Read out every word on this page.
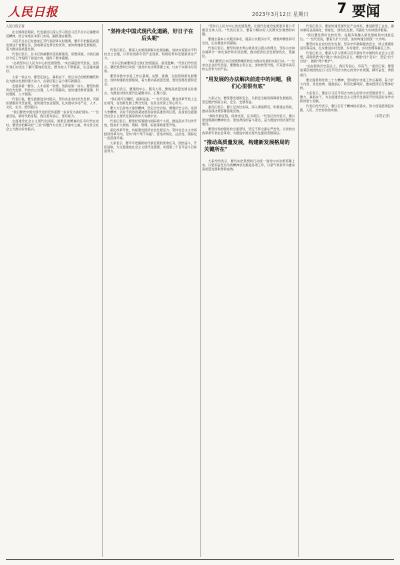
人民日报	2023年3月12日 星期日 7 要闻

人民日报记者

在全国两会期间，代表委员们深入学习领会习近平总书记重要讲话精神，结合本地区本部门实际，踊跃建言献策。

习近平总书记在参加江苏代表团审议时强调，要牢牢把握高质量发展这个首要任务，因地制宜发挥比较优势，加快构建新发展格局，着力推动高质量发展。

代表们表示，总书记的重要讲话高屋建瓴、思想深邃，为我们做好今后工作指明了前进方向、提供了根本遵循。

"必须坚持以人民为中心的发展思想。"来自基层的代表说，这些年我们村发生了翻天覆地的变化，群众收入不断提高，生活越来越好。

大家一致认为，要坚定信心、真抓实干，把总书记的殷殷嘱托转化为推动发展的强大动力，在新征程上奋力谱写新篇章。

发展是第一要务，人才是第一资源，创新是第一动力。要坚持教育优先发展、科技自立自强、人才引领驱动，加快建设教育强国、科技强国、人才强国。

代表们说，要全面推进乡村振兴，坚持农业农村优先发展，巩固拓展脱贫攻坚成果，加快建设农业强国，扎实推动乡村产业、人才、文化、生态、组织振兴。

"我们要把中国式现代化的宏伟蓝图一步步变为美好现实。"一位委员说，新时代新征程，我们更有信心、更有能力。

全面建设社会主义现代化国家，最艰巨最繁重的任务仍然在农村。要坚持把解决好"三农"问题作为全党工作重中之重，举全党全社会之力推动乡村振兴。

"坚持走中国式现代化道路，好日子在后头呢"

代表们表示，要深入实施创新驱动发展战略，加快实现高水平科技自立自强，以科技创新引领产业创新，积极培育和发展新质生产力。

"总书记的重要讲话让我们倍感振奋、备受鼓舞。"代表们纷纷表示，要把思想和行动统一到党中央决策部署上来，以实干实绩书写答卷。

要坚持稳中求进工作总基调，完整、准确、全面贯彻新发展理念，加快构建新发展格局，着力推动高质量发展，更好统筹发展和安全。

委员们表示，要围绕中心、服务大局，聚焦高质量发展议政建言，为推进中国式现代化凝聚共识、汇聚力量。

"我们将牢记嘱托，砥砺奋进。"一位代表说，要在改革开放上走在前列，在创新发展上勇当先锋，在民生改善上用心用力。

要大力弘扬伟大建党精神，坚定历史自信，增强历史主动，发扬斗争精神，以时不我待的紧迫感和舍我其谁的责任感，投身到全面建设社会主义现代化国家的伟大实践中去。

代表们表示，要更好统筹国内国际两个大局，推进高水平对外开放，稳步扩大规则、规制、管理、标准等制度型开放。

深化改革开放，持续激发经济社会发展活力。坚持社会主义市场经济改革方向，坚持"两个毫不动摇"，营造市场化、法治化、国际化一流营商环境。

大家表示，要牢牢把握新时代新征程的使命任务，团结奋斗，开拓进取，为全面建成社会主义现代化强国、实现第二个百年奋斗目标而努力。

"坚持以人民为中心的发展思想，让现代化建设成果更多更公平惠及全体人民。"代表们表示，要着力解决好人民群众急难愁盼问题。

要健全基本公共服务体系，提高公共服务水平，增强均衡性和可及性，扎实推进共同富裕。

代表们表示，要坚持绿水青山就是金山银山的理念，坚持山水林田湖草沙一体化保护和系统治理，推动经济社会发展绿色化、低碳化。

"我们要把总书记的殷殷嘱托转化为推动发展的实际行动。"一位来自企业的代表说，要聚焦主责主业，加快转型升级，打造更多具有核心竞争力的产品。

"用发展的办法解决前进中的问题，我们心里很有底"

大家认为，要统筹发展和安全，以新安全格局保障新发展格局，坚定维护国家主权、安全、发展利益。

委员们表示，要立足岗位实际，深入调查研究，积极建言资政，推动各项决策部署落地见效。

"新时代新征程，使命光荣、任务艰巨。"代表们纷纷表示，要以更加饱满的精神状态、更加昂扬的奋斗姿态，奋力推进中国式现代化建设。

要坚持和加强党的全面领导，坚定不移全面从严治党，以党的自我革命引领社会革命，为推进中国式现代化提供坚强保证。

"推动高质量发展，构建新发展格局的关键所在"

大家纷纷表示，要切实把思想和行动统一到党中央决策部署上来，以更加奋发有为的精神状态推进各项工作，以新气象新作为推动高质量发展取得新成效。

代表们表示，要加快建设现代化产业体系，推进新型工业化，推动制造业高端化、智能化、绿色化发展，巩固壮大实体经济根基。

"我们要发挥好比较优势，在服务和融入新发展格局中找准定位。"一位代表说，要着力扩大内需，加快构建全国统一大市场。

要坚持农业农村优先发展，坚决守牢确保粮食安全、防止规模性返贫等底线，扎实推进乡村发展、乡村建设、乡村治理等重点工作。

代表们表示，要深入学习贯彻习近平新时代中国特色社会主义思想，深刻领悟"两个确立"的决定性意义，增强"四个意识"、坚定"四个自信"、做到"两个维护"。

"站在新的历史起点上，我们有信心、有底气。"委员们说，要更加紧密地团结在以习近平同志为核心的党中央周围，踔厉奋发、勇毅前行。

要全面贯彻党的二十大精神，坚持稳中求进工作总基调，着力扩大内需、优化结构、提振信心、防范化解风险，推动经济运行整体好转。

大家表示，要在以习近平同志为核心的党中央坚强领导下，凝心聚力、真抓实干，为全面建设社会主义现代化国家开好局起好步作出新的更大贡献。

代表们纷纷表示，要以钉钉子精神抓好落实，努力创造经得起实践、人民、历史检验的实绩。

（本报记者）
